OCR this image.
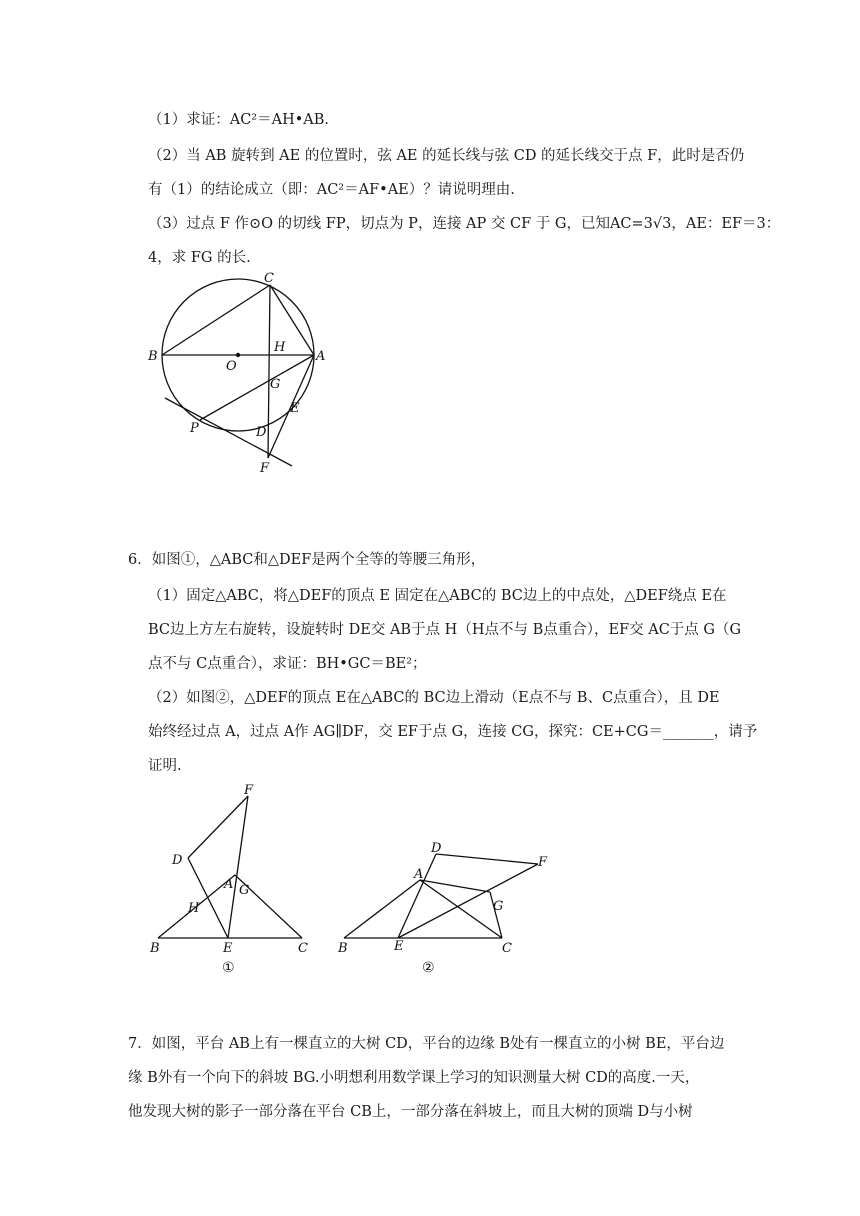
（1）求证：AC²＝AH•AB.
（2）当 AB 旋转到 AE 的位置时，弦 AE 的延长线与弦 CD 的延长线交于点 F，此时是否仍
有（1）的结论成立（即：AC²＝AF•AE）？请说明理由.
（3）过点 F 作⊙O 的切线 FP，切点为 P，连接 AP 交 CF 于 G，已知AC=3√3，AE：EF＝3：
4，求 FG 的长.
B
O
H
A
C
G
E
P	D
F
6．如图①，△ABC和△DEF是两个全等的等腰三角形，
（1）固定△ABC，将△DEF的顶点 E 固定在△ABC的 BC边上的中点处，△DEF绕点 E在
BC边上方左右旋转，设旋转时 DE交 AB于点 H（H点不与 B点重合），EF交 AC于点 G（G
点不与 C点重合），求证：BH•GC＝BE²；
（2）如图②，△DEF的顶点 E在△ABC的 BC边上滑动（E点不与 B、C点重合），且 DE
始终经过点 A，过点 A作 AG∥DF，交 EF于点 G，连接 CG，探究：CE+CG＝_______，请予
证明.
F
D
A G
H
B	E	C
①
D
F
A
G
B	E	C
②
7．如图，平台 AB上有一棵直立的大树 CD，平台的边缘 B处有一棵直立的小树 BE，平台边
缘 B外有一个向下的斜坡 BG.小明想利用数学课上学习的知识测量大树 CD的高度.一天，
他发现大树的影子一部分落在平台 CB上，一部分落在斜坡上，而且大树的顶端 D与小树
